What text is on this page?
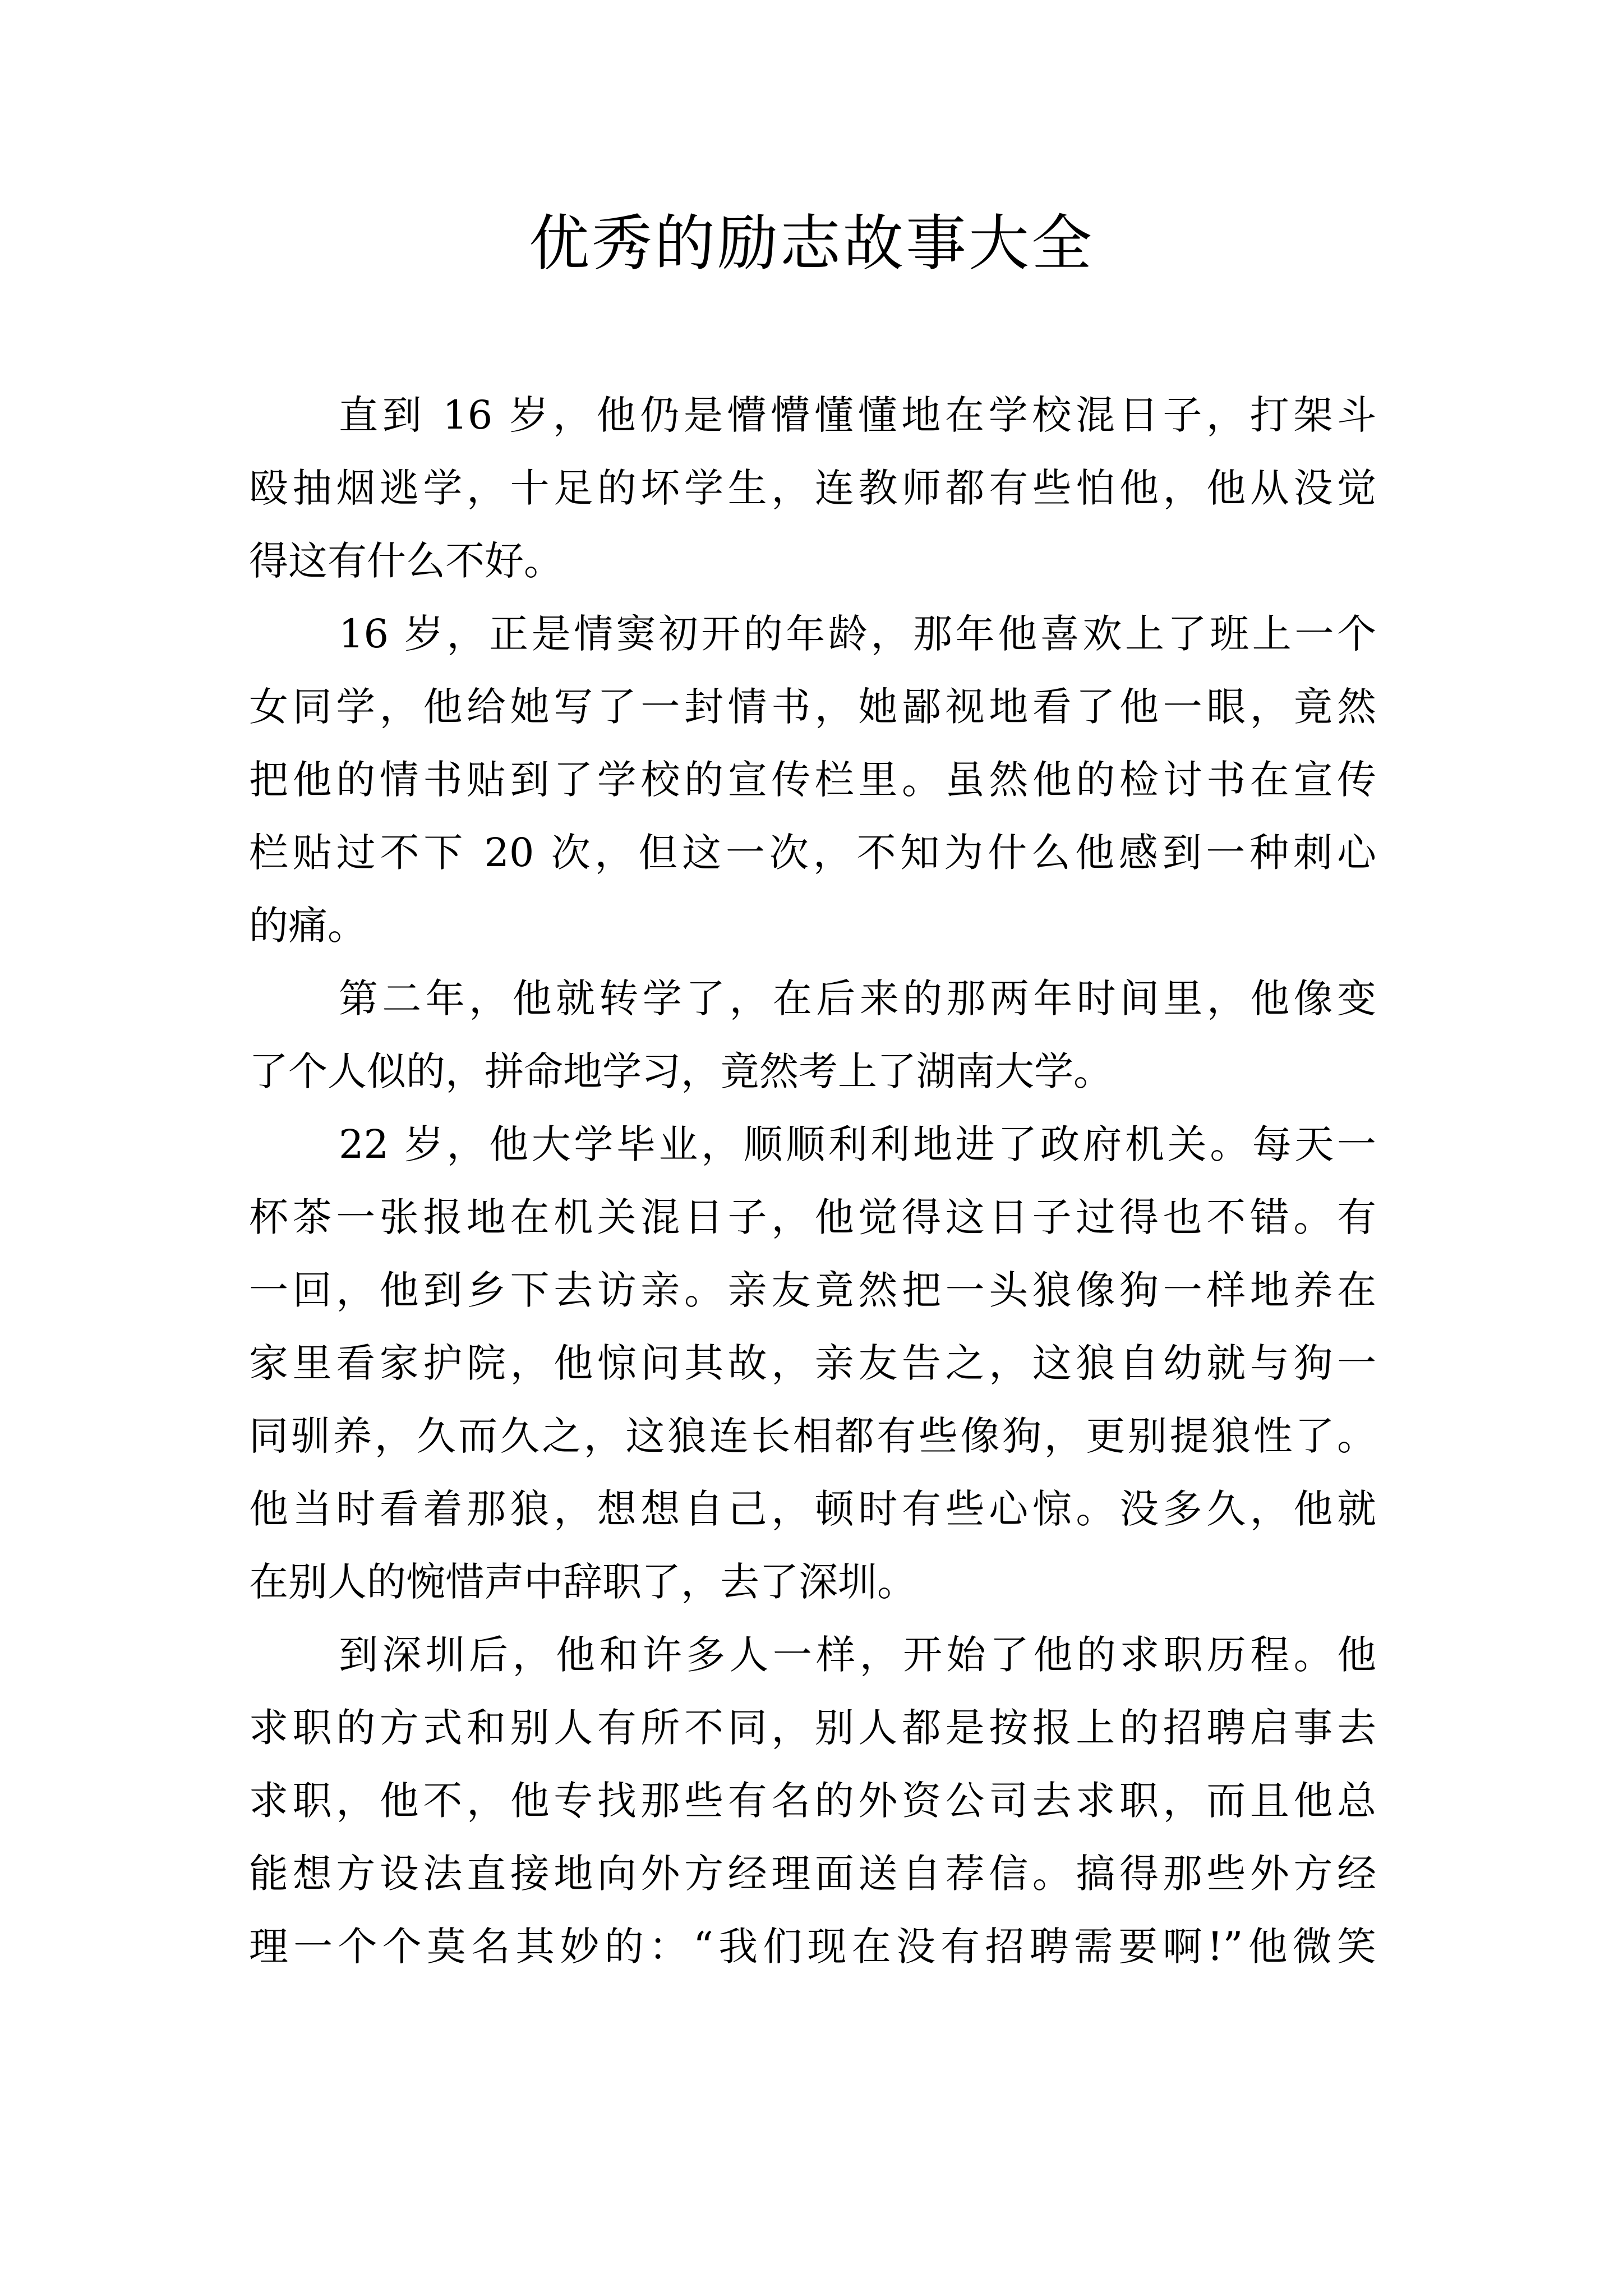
优秀的励志故事大全
直到 16 岁，他仍是懵懵懂懂地在学校混日子，打架斗
殴抽烟逃学，十足的坏学生，连教师都有些怕他，他从没觉
得这有什么不好。
16 岁，正是情窦初开的年龄，那年他喜欢上了班上一个
女同学，他给她写了一封情书，她鄙视地看了他一眼，竟然
把他的情书贴到了学校的宣传栏里。虽然他的检讨书在宣传
栏贴过不下 20 次，但这一次，不知为什么他感到一种刺心
的痛。
第二年，他就转学了，在后来的那两年时间里，他像变
了个人似的，拼命地学习，竟然考上了湖南大学。
22 岁，他大学毕业，顺顺利利地进了政府机关。每天一
杯茶一张报地在机关混日子，他觉得这日子过得也不错。有
一回，他到乡下去访亲。亲友竟然把一头狼像狗一样地养在
家里看家护院，他惊问其故，亲友告之，这狼自幼就与狗一
同驯养，久而久之，这狼连长相都有些像狗，更别提狼性了。
他当时看着那狼，想想自己，顿时有些心惊。没多久，他就
在别人的惋惜声中辞职了，去了深圳。
到深圳后，他和许多人一样，开始了他的求职历程。他
求职的方式和别人有所不同，别人都是按报上的招聘启事去
求职，他不，他专找那些有名的外资公司去求职，而且他总
能想方设法直接地向外方经理面送自荐信。搞得那些外方经
理一个个莫名其妙的：“我们现在没有招聘需要啊!”他微笑
